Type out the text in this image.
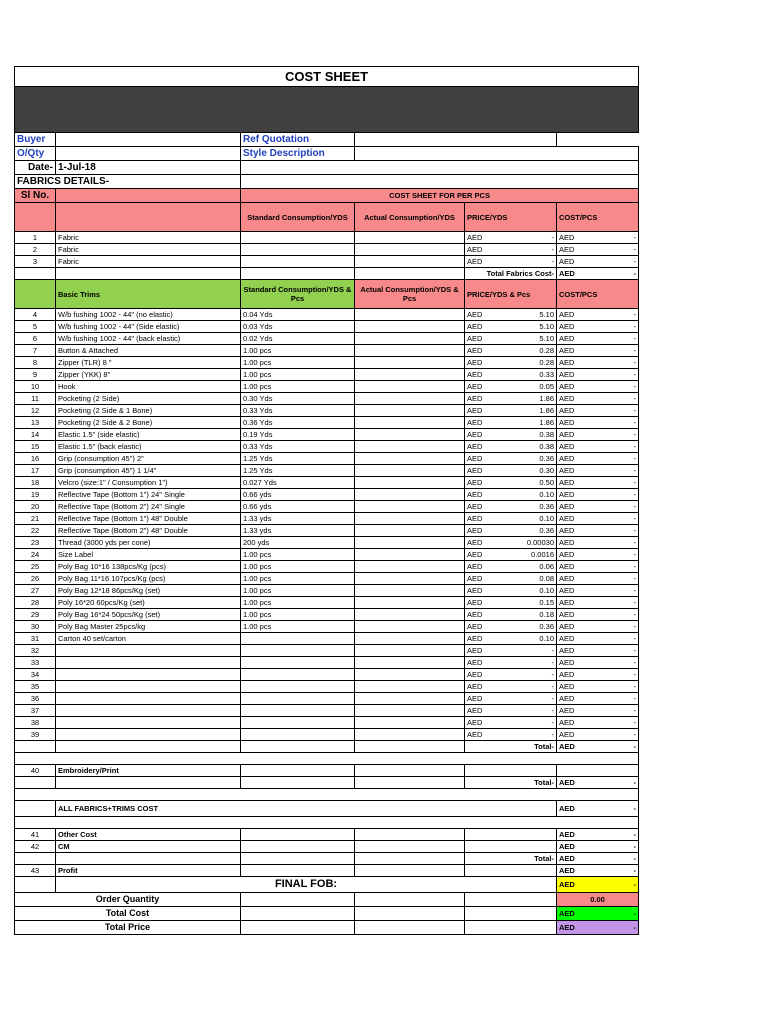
COST SHEET					

Buyer		Ref Quotation			
O/Qty		Style Description			
Date-	1-Jul-18				
FABRICS DETAILS-					
Sl No.		COST SHEET FOR PER PCS			
		Standard Consumption/YDS	Actual Consumption/YDS	PRICE/YDS	COST/PCS
1	Fabric			AED -	AED -

2	Fabric			AED -	AED -

3	Fabric			AED -	AED -

				Total Fabrics Cost-	AED -

	Basic Trims	Standard Consumption/YDS & Pcs	Actual Consumption/YDS & Pcs	PRICE/YDS & Pcs	COST/PCS
4	W/b fushing 1002 - 44" (no elastic)	0.04 Yds		AED 5.10	AED -

5	W/b fushing 1002 - 44" (Side elastic)	0.03 Yds		AED 5.10	AED -

6	W/b fushing 1002 - 44" (back elastic)	0.02 Yds		AED 5.10	AED -

7	Button & Attached	1.00 pcs		AED 0.28	AED -

8	Zipper (TLR) 8 "	1.00 pcs		AED 0.28	AED -

9	Zipper (YKK) 8"	1.00 pcs		AED 0.33	AED -

10	Hook	1.00 pcs		AED 0.05	AED -

11	Pocketing (2 Side)	0.30 Yds		AED 1.86	AED -

12	Pocketing (2 Side & 1 Bone)	0.33 Yds		AED 1.86	AED -

13	Pocketing (2 Side & 2 Bone)	0.36 Yds		AED 1.86	AED -

14	Elastic 1.5" (side elastic)	0.19 Yds		AED 0.38	AED -

15	Elastic 1.5" (back elastic)	0.33 Yds		AED 0.38	AED -

16	Grip (consumption 45") 2"	1.25 Yds		AED 0.36	AED -

17	Grip (consumption 45") 1 1/4"	1.25 Yds		AED 0.30	AED -

18	Velcro (size:1" / Consumption 1")	0.027 Yds		AED 0.50	AED -

19	Reflective Tape (Bottom 1") 24" Single	0.66 yds		AED 0.10	AED -

20	Reflective Tape (Bottom 2") 24" Single	0.66 yds		AED 0.36	AED -

21	Reflective Tape (Bottom 1") 48" Double	1.33 yds		AED 0.10	AED -

22	Reflective Tape (Bottom 2") 48" Double	1.33 yds		AED 0.36	AED -

23	Thread (3000 yds per cone)	200 yds		AED 0.00030	AED -

24	Size Label	1.00 pcs		AED 0.0016	AED -

25	Poly Bag 10*16 138pcs/Kg (pcs)	1.00 pcs		AED 0.06	AED -

26	Poly Bag 11*16 107pcs/Kg (pcs)	1.00 pcs		AED 0.08	AED -

27	Poly Bag 12*18 86pcs/Kg (set)	1.00 pcs		AED 0.10	AED -

28	Poly 16*20 60pcs/Kg (set)	1.00 pcs		AED 0.15	AED -

29	Poly Bag 16*24 50pcs/Kg (set)	1.00 pcs		AED 0.18	AED -

30	Poly Bag Master 25pcs/kg	1.00 pcs		AED 0.36	AED -

31	Carton 40 set/carton			AED 0.10	AED -

32				AED -	AED -

33				AED -	AED -

34				AED -	AED -

35				AED -	AED -

36				AED -	AED -

37				AED -	AED -

38				AED -	AED -

39				AED -	AED -

				Total-	AED -

40	Embroidery/Print				
				Total-	AED -

	ALL FABRICS+TRIMS COST				AED -

41	Other Cost				AED -

42	CM				AED -

				Total-	AED -

43	Profit				AED -

	FINAL FOB:				AED -

Order Quantity					0.00
Total Cost					AED -

Total Price					AED -
